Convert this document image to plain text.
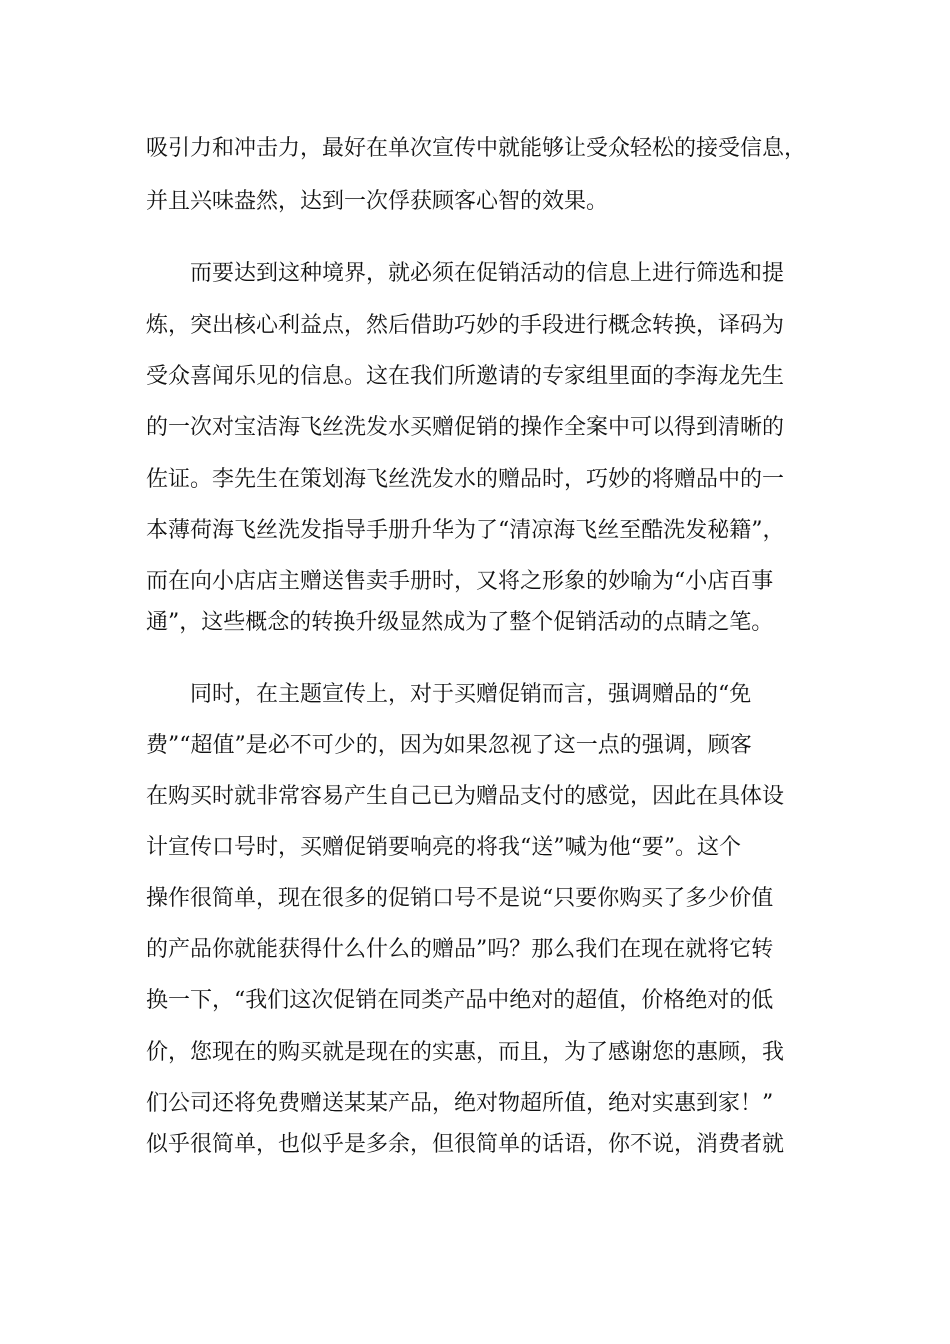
吸引力和冲击力，最好在单次宣传中就能够让受众轻松的接受信息，
并且兴味盎然，达到一次俘获顾客心智的效果。
而要达到这种境界，就必须在促销活动的信息上进行筛选和提
炼，突出核心利益点，然后借助巧妙的手段进行概念转换，译码为
受众喜闻乐见的信息。这在我们所邀请的专家组里面的李海龙先生
的一次对宝洁海飞丝洗发水买赠促销的操作全案中可以得到清晰的
佐证。李先生在策划海飞丝洗发水的赠品时，巧妙的将赠品中的一
本薄荷海飞丝洗发指导手册升华为了“清凉海飞丝至酷洗发秘籍”，
而在向小店店主赠送售卖手册时，又将之形象的妙喻为“小店百事
通”，这些概念的转换升级显然成为了整个促销活动的点睛之笔。
同时，在主题宣传上，对于买赠促销而言，强调赠品的“免
费”“超值”是必不可少的，因为如果忽视了这一点的强调，顾客
在购买时就非常容易产生自己已为赠品支付的感觉，因此在具体设
计宣传口号时，买赠促销要响亮的将我“送”喊为他“要”。这个
操作很简单，现在很多的促销口号不是说“只要你购买了多少价值
的产品你就能获得什么什么的赠品”吗？那么我们在现在就将它转
换一下，“我们这次促销在同类产品中绝对的超值，价格绝对的低
价，您现在的购买就是现在的实惠，而且，为了感谢您的惠顾，我
们公司还将免费赠送某某产品，绝对物超所值，绝对实惠到家！”
似乎很简单，也似乎是多余，但很简单的话语，你不说，消费者就
